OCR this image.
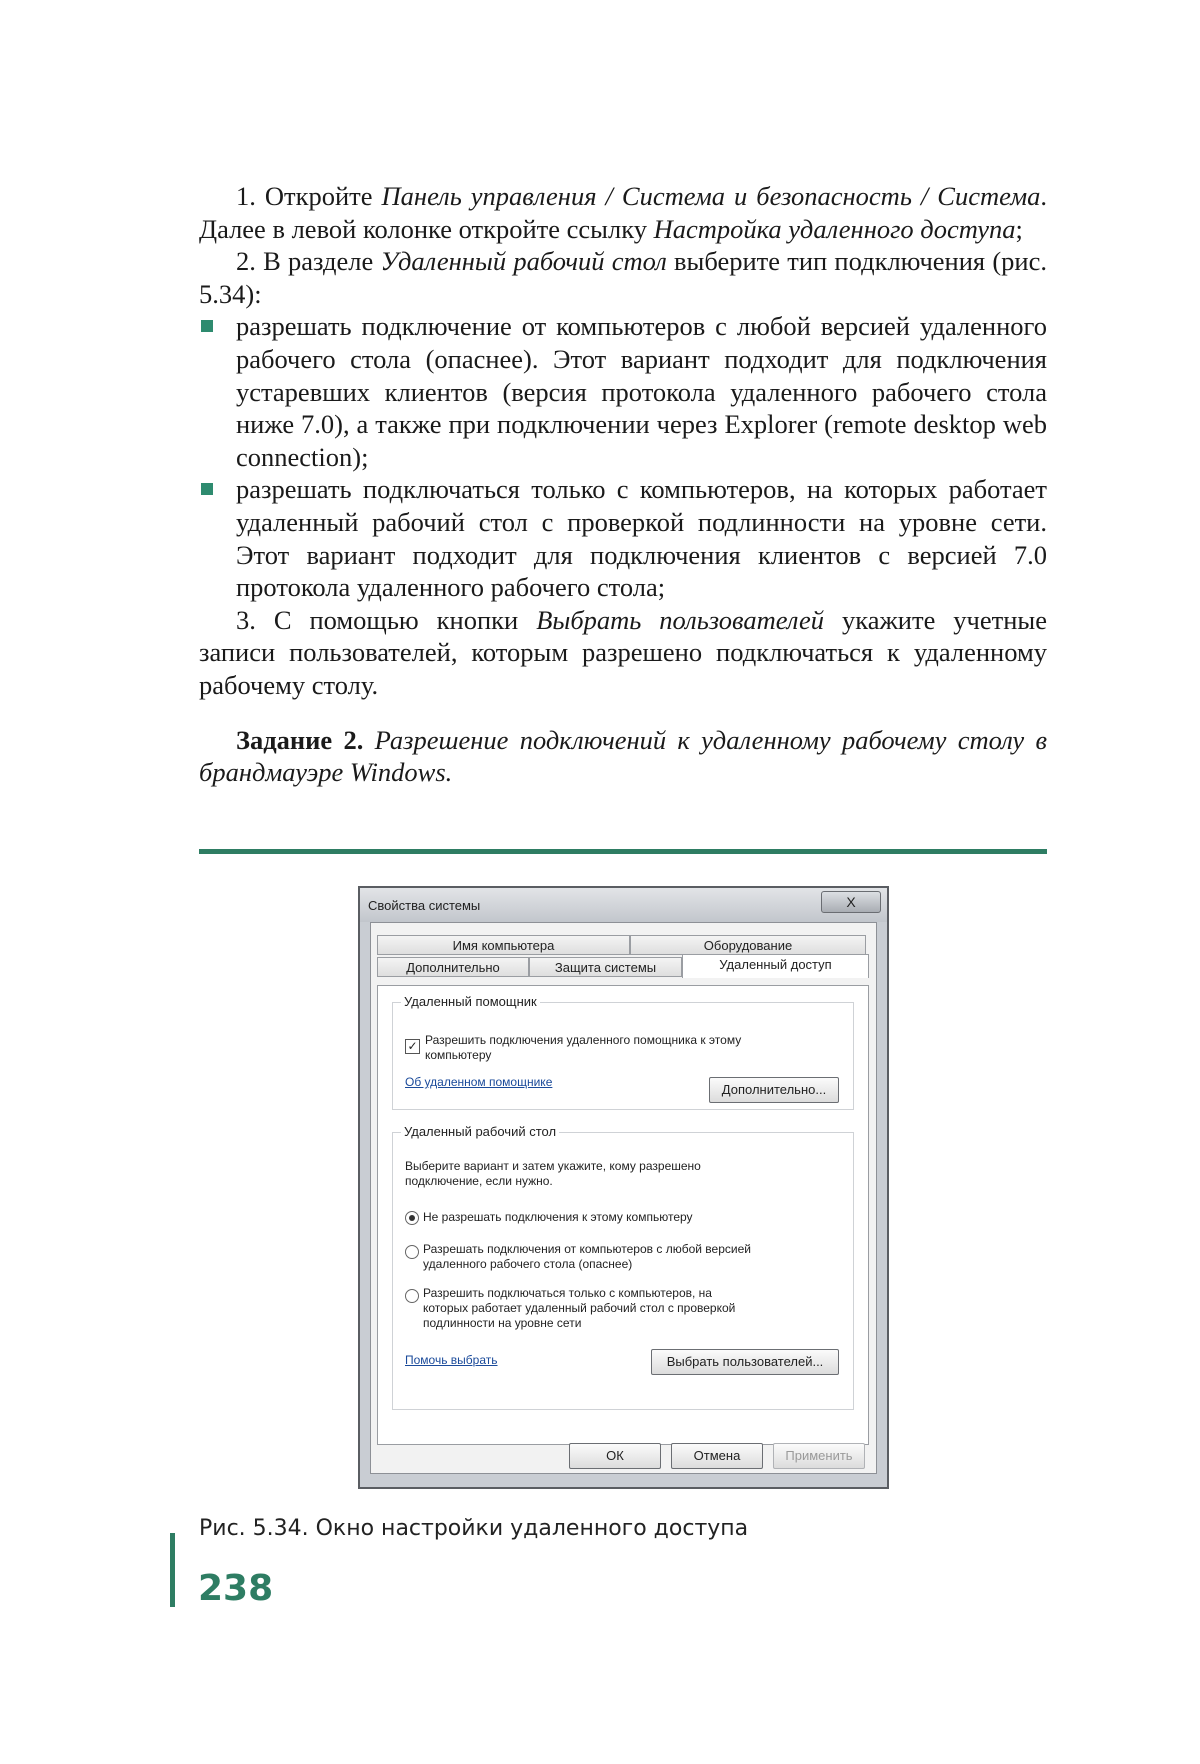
1. Откройте Панель управления / Система и безопасность / Система. Далее в левой колонке откройте ссылку Настройка удаленного доступа;

2. В разделе Удаленный рабочий стол выберите тип подключения (рис. 5.34):

разрешать подключение от компьютеров с любой версией удаленного рабочего стола (опаснее). Этот вариант подходит для подключения устаревших клиентов (версия протокола удаленного рабочего стола ниже 7.0), а также при подключении через Explorer (remote desktop web connection);

разрешать подключаться только с компьютеров, на которых работает удаленный рабочий стол с проверкой подлинности на уровне сети. Этот вариант подходит для подключения клиентов с версией 7.0 протокола удаленного рабочего стола;

3. С помощью кнопки Выбрать пользователей укажите учетные записи пользователей, которым разрешено подключаться к удаленному рабочему столу.

Задание 2. Разрешение подключений к удаленному рабочему столу в брандмауэре Windows.

Свойства системы	X
Имя компьютера	Оборудование
Дополнительно	Защита системы	Удаленный доступ
Удаленный помощник
✓ Разрешить подключения удаленного помощника к этому
компьютеру
Об удаленном помощнике	Дополнительно...
Удаленный рабочий стол
Выберите вариант и затем укажите, кому разрешено
подключение, если нужно.
Не разрешать подключения к этому компьютеру
Разрешать подключения от компьютеров с любой версией
удаленного рабочего стола (опаснее)
Разрешить подключаться только с компьютеров, на
которых работает удаленный рабочий стол с проверкой
подлинности на уровне сети
Помочь выбрать	Выбрать пользователей...
ОК	Отмена	Применить
Рис. 5.34. Окно настройки удаленного доступа
238
